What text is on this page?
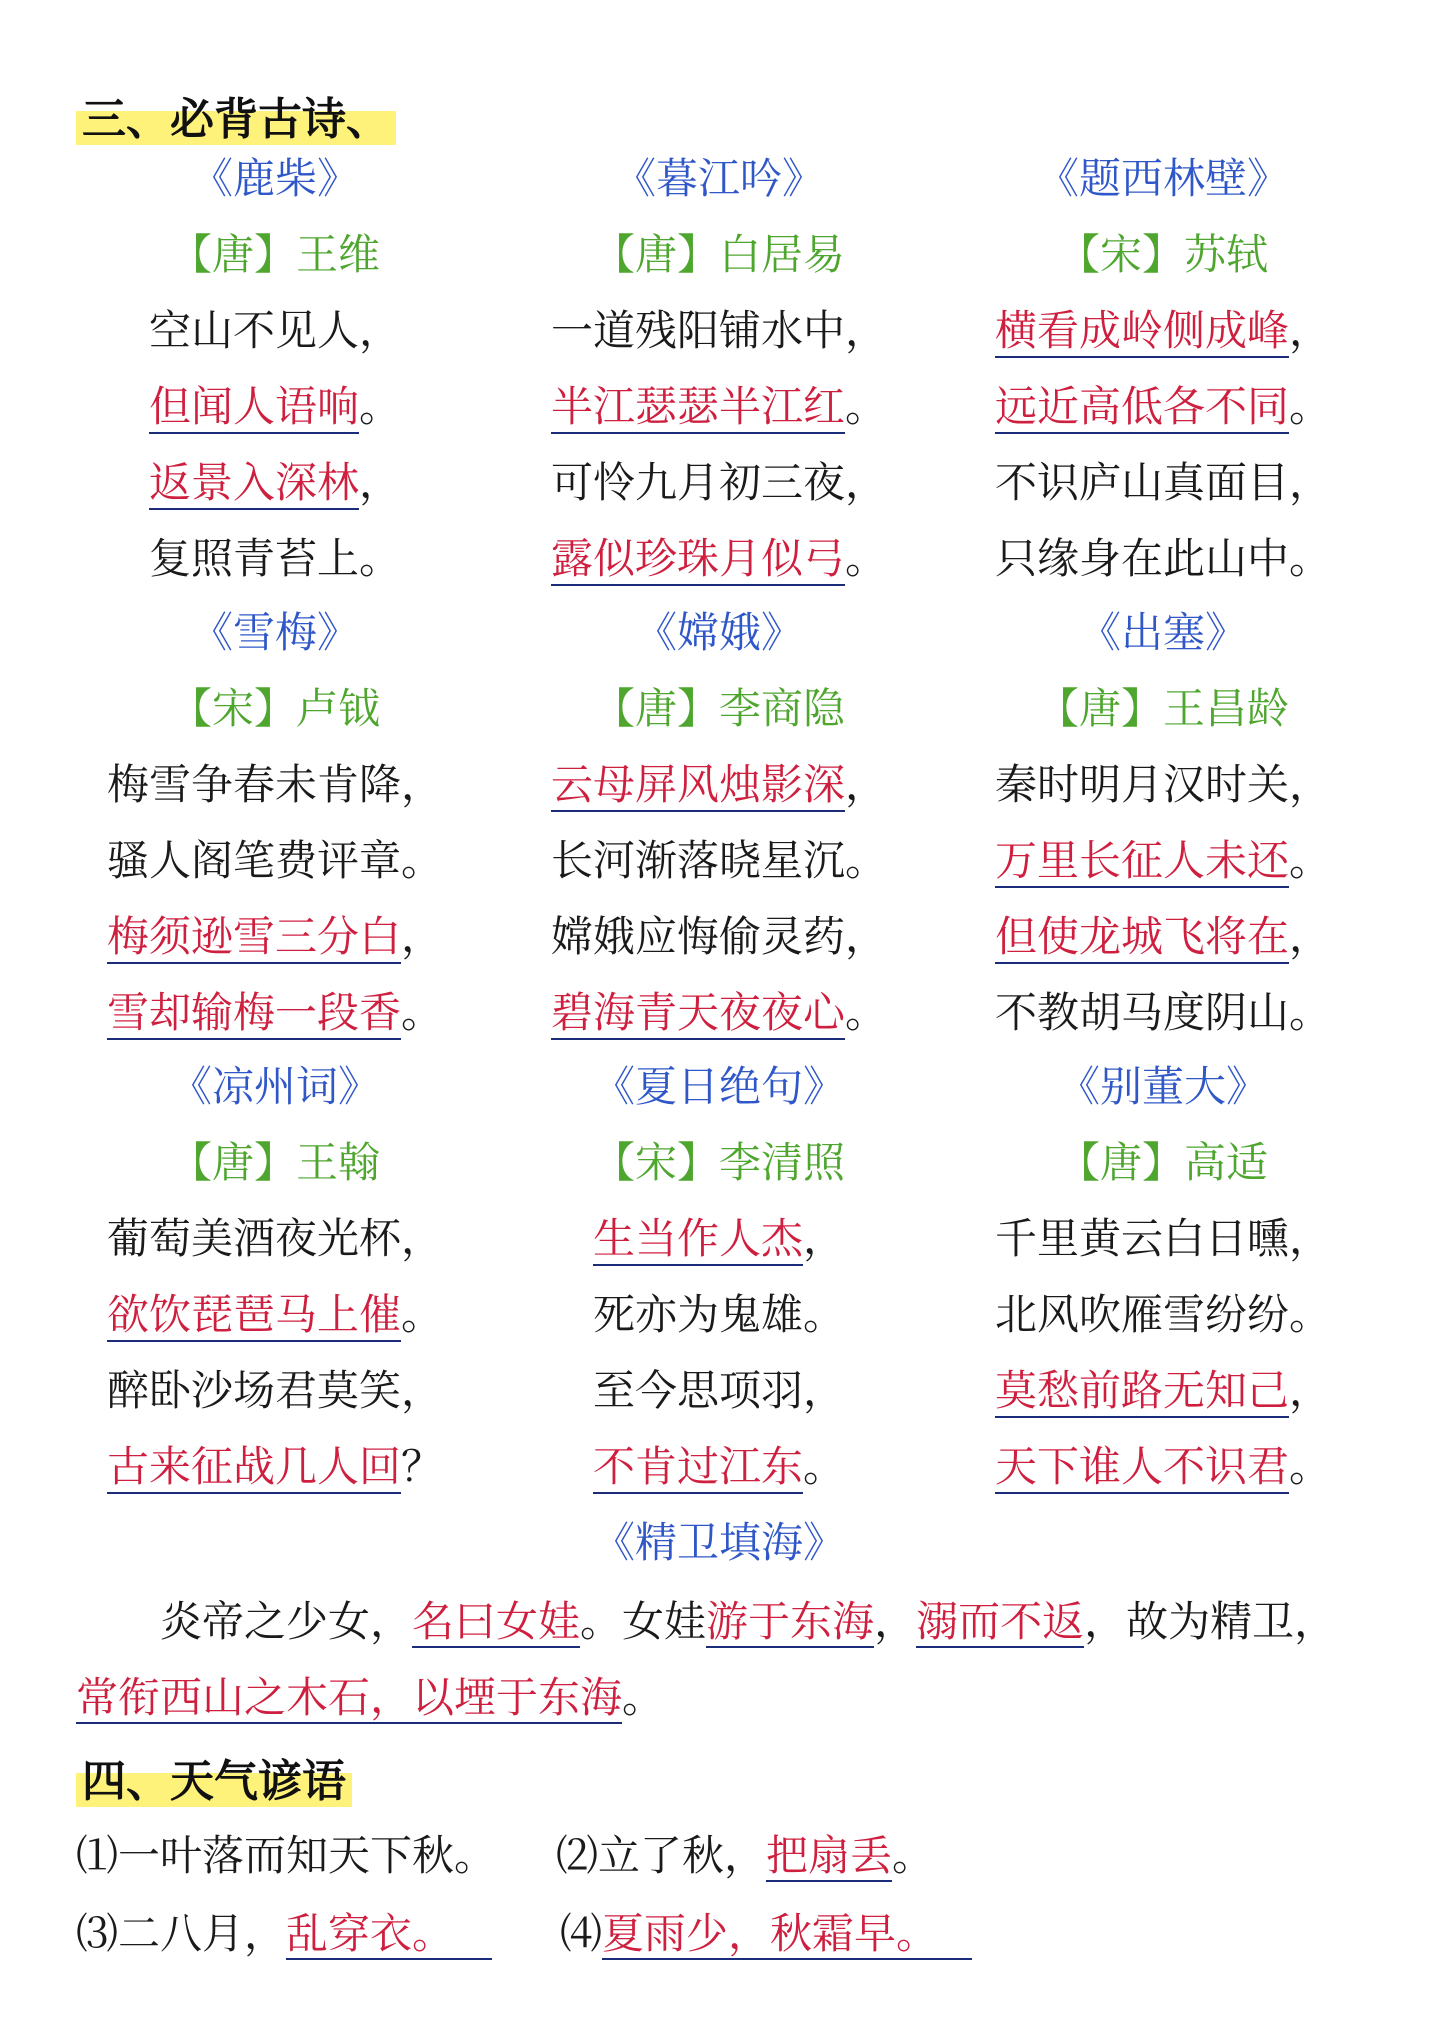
三、必背古诗、
《鹿柴》
【唐】王维
空山不见人，
但闻人语响。
返景入深林，
复照青苔上。
《暮江吟》
【唐】白居易
一道残阳铺水中，
半江瑟瑟半江红。
可怜九月初三夜，
露似珍珠月似弓。
《题西林壁》
【宋】苏轼
横看成岭侧成峰，
远近高低各不同。
不识庐山真面目，
只缘身在此山中。
《雪梅》
【宋】卢钺
梅雪争春未肯降，
骚人阁笔费评章。
梅须逊雪三分白，
雪却输梅一段香。
《嫦娥》
【唐】李商隐
云母屏风烛影深，
长河渐落晓星沉。
嫦娥应悔偷灵药，
碧海青天夜夜心。
《出塞》
【唐】王昌龄
秦时明月汉时关，
万里长征人未还。
但使龙城飞将在，
不教胡马度阴山。
《凉州词》
【唐】王翰
葡萄美酒夜光杯，
欲饮琵琶马上催。
醉卧沙场君莫笑，
古来征战几人回？
《夏日绝句》
【宋】李清照
生当作人杰，
死亦为鬼雄。
至今思项羽，
不肯过江东。
《别董大》
【唐】高适
千里黄云白日曛，
北风吹雁雪纷纷。
莫愁前路无知己，
天下谁人不识君。
《精卫填海》
炎帝之少女，名曰女娃。女娃游于东海，溺而不返，故为精卫，常衔西山之木石，以堙于东海。
四、天气谚语
⑴一叶落而知天下秋。 ⑵立了秋，把扇丢。
⑶二八月，乱穿衣。	⑷夏雨少，秋霜早。
